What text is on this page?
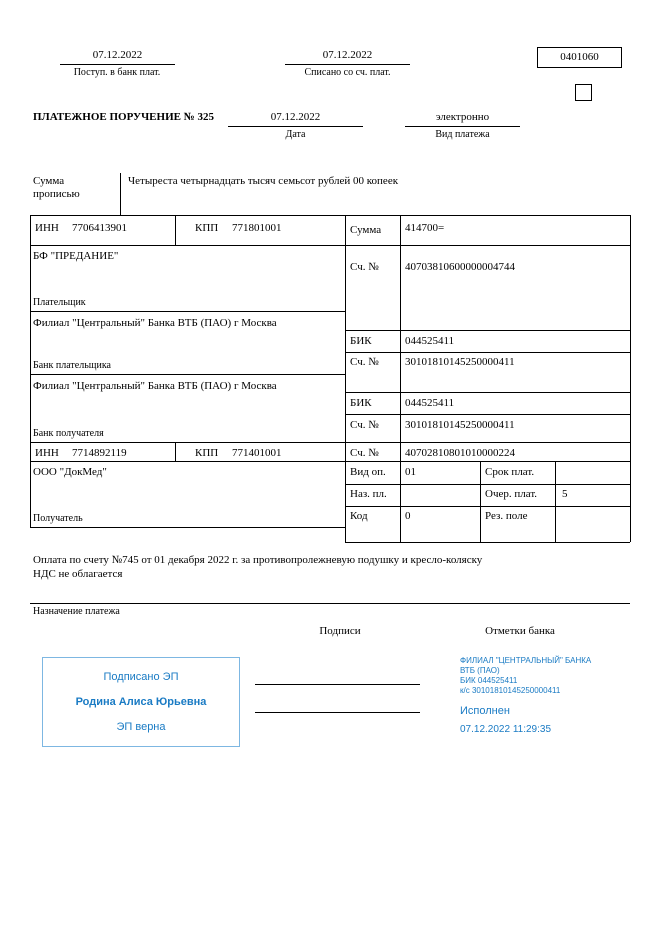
07.12.2022
Поступ. в банк плат.
07.12.2022
Списано со сч. плат.
0401060
ПЛАТЕЖНОЕ ПОРУЧЕНИЕ № 325	07.12.2022
Дата
электронно
Вид платежа
Сумма прописью
Четыреста четырнадцать тысяч семьсот рублей 00 копеек
ИНН 7706413901	КПП 771801001	Сумма 414700=
БФ "ПРЕДАНИЕ"
Плательщик
Сч. № 40703810600000004744
Филиал "Центральный" Банка ВТБ (ПАО) г Москва
Банк плательщика
БИК	044525411
Сч. № 30101810145250000411
Филиал "Центральный" Банка ВТБ (ПАО) г Москва
БИК	044525411
Сч. № 30101810145250000411
Банк получателя
ИНН 7714892119	КПП 771401001	Сч. № 40702810801010000224
ООО "ДокМед"
Получатель
Вид оп. 01	Срок плат.
Наз. пл.	Очер. плат. 5
Код	0	Рез. поле
Оплата по счету №745 от 01 декабря 2022 г. за противопролежневую подушку и кресло-коляску
НДС не облагается
Назначение платежа
Подписи	Отметки банка
Подписано ЭП
Родина Алиса Юрьевна
ЭП верна
ФИЛИАЛ "ЦЕНТРАЛЬНЫЙ" БАНКА
ВТБ (ПАО)
БИК 044525411
к/с 30101810145250000411
Исполнен
07.12.2022 11:29:35
